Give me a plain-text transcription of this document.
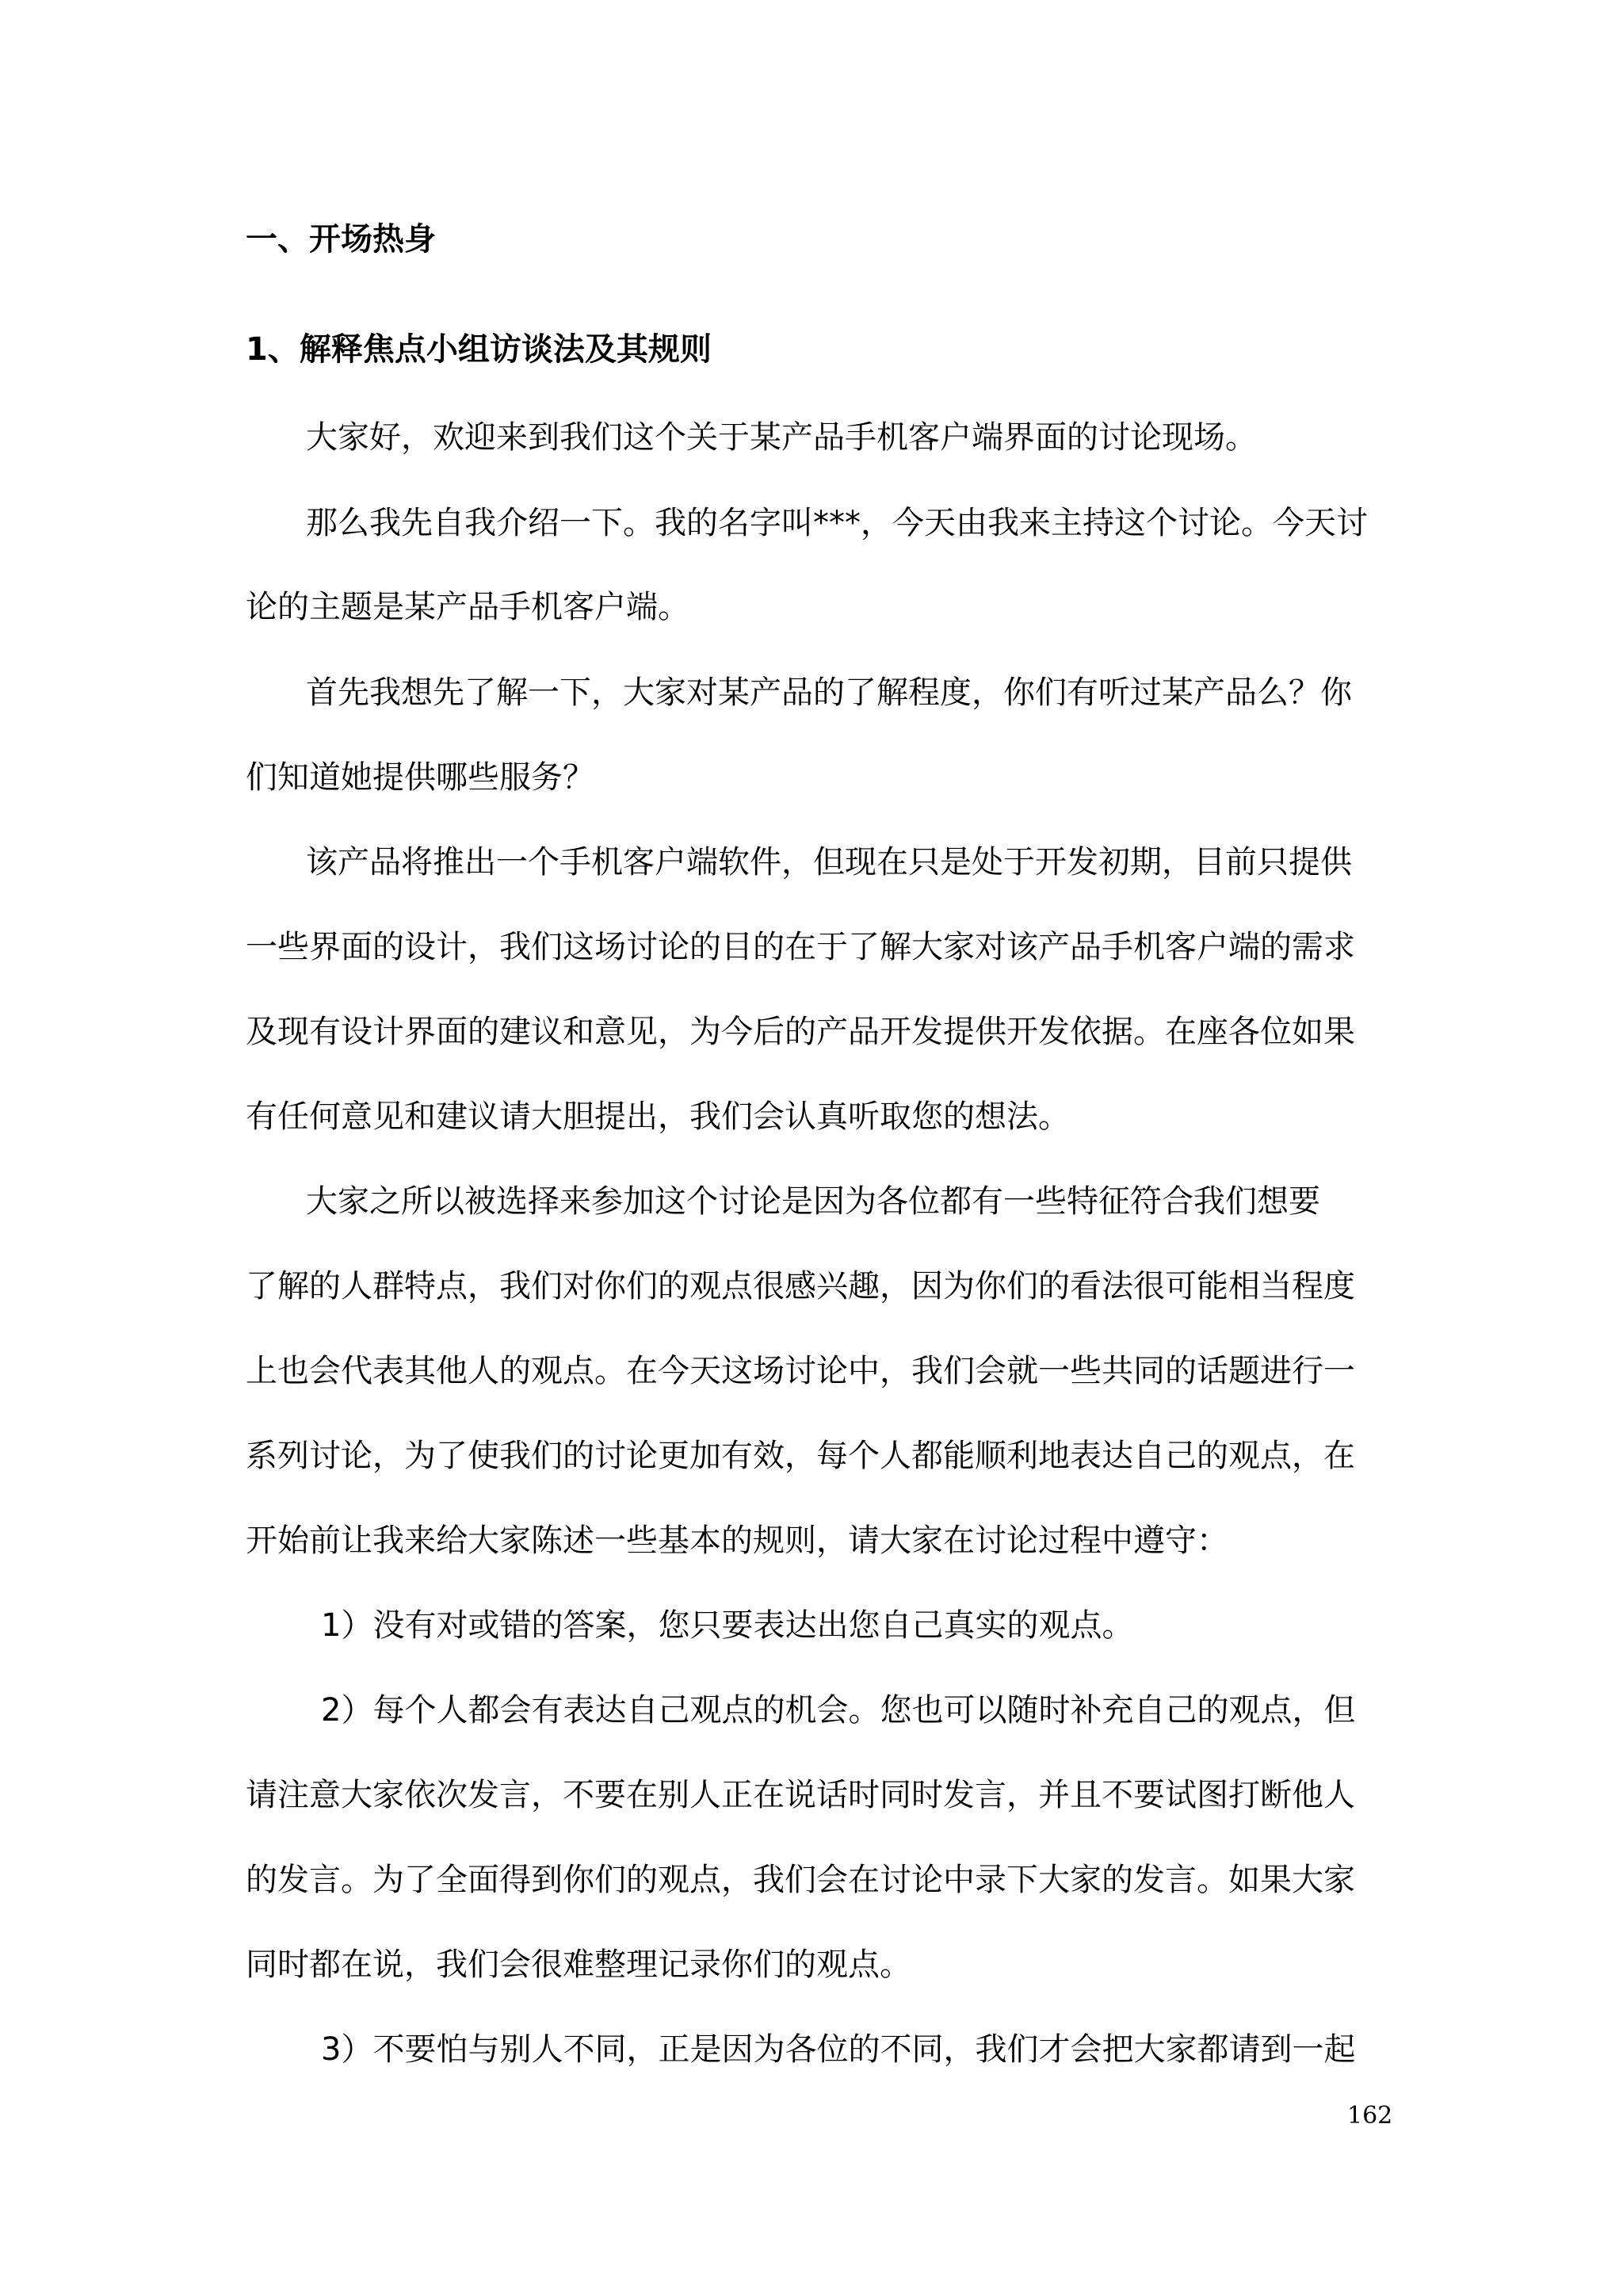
一、开场热身
1、解释焦点小组访谈法及其规则
大家好，欢迎来到我们这个关于某产品手机客户端界面的讨论现场。
那么我先自我介绍一下。我的名字叫***，今天由我来主持这个讨论。今天讨
论的主题是某产品手机客户端。
首先我想先了解一下，大家对某产品的了解程度，你们有听过某产品么？你
们知道她提供哪些服务？
该产品将推出一个手机客户端软件，但现在只是处于开发初期，目前只提供
一些界面的设计，我们这场讨论的目的在于了解大家对该产品手机客户端的需求
及现有设计界面的建议和意见，为今后的产品开发提供开发依据。在座各位如果
有任何意见和建议请大胆提出，我们会认真听取您的想法。
大家之所以被选择来参加这个讨论是因为各位都有一些特征符合我们想要
了解的人群特点，我们对你们的观点很感兴趣，因为你们的看法很可能相当程度
上也会代表其他人的观点。在今天这场讨论中，我们会就一些共同的话题进行一
系列讨论，为了使我们的讨论更加有效，每个人都能顺利地表达自己的观点，在
开始前让我来给大家陈述一些基本的规则，请大家在讨论过程中遵守：
1）没有对或错的答案，您只要表达出您自己真实的观点。
2）每个人都会有表达自己观点的机会。您也可以随时补充自己的观点，但
请注意大家依次发言，不要在别人正在说话时同时发言，并且不要试图打断他人
的发言。为了全面得到你们的观点，我们会在讨论中录下大家的发言。如果大家
同时都在说，我们会很难整理记录你们的观点。
3）不要怕与别人不同，正是因为各位的不同，我们才会把大家都请到一起
162
